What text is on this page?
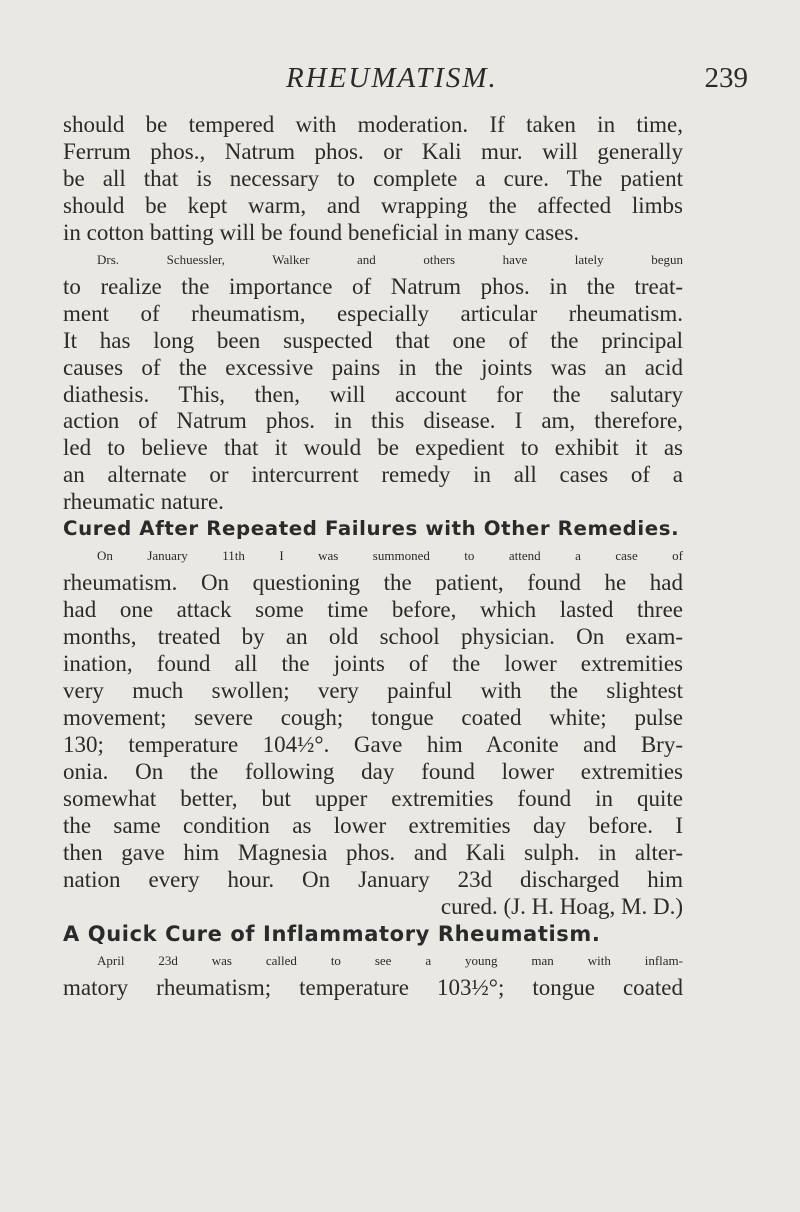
RHEUMATISM.	239
should be tempered with moderation. If taken in time,
Ferrum phos., Natrum phos. or Kali mur. will generally
be all that is necessary to complete a cure. The patient
should be kept warm, and wrapping the affected limbs
in cotton batting will be found beneficial in many cases.
Drs. Schuessler, Walker and others have lately begun
to realize the importance of Natrum phos. in the treat-
ment of rheumatism, especially articular rheumatism.
It has long been suspected that one of the principal
causes of the excessive pains in the joints was an acid
diathesis. This, then, will account for the salutary
action of Natrum phos. in this disease. I am, therefore,
led to believe that it would be expedient to exhibit it as
an alternate or intercurrent remedy in all cases of a
rheumatic nature.
Cured After Repeated Failures with Other Remedies.
On January 11th I was summoned to attend a case of
rheumatism. On questioning the patient, found he had
had one attack some time before, which lasted three
months, treated by an old school physician. On exam-
ination, found all the joints of the lower extremities
very much swollen; very painful with the slightest
movement; severe cough; tongue coated white; pulse
130; temperature 104½°. Gave him Aconite and Bry-
onia. On the following day found lower extremities
somewhat better, but upper extremities found in quite
the same condition as lower extremities day before. I
then gave him Magnesia phos. and Kali sulph. in alter-
nation every hour. On January 23d discharged him
cured. (J. H. Hoag, M. D.)
A Quick Cure of Inflammatory Rheumatism.
April 23d was called to see a young man with inflam-
matory rheumatism; temperature 103½°; tongue coated
